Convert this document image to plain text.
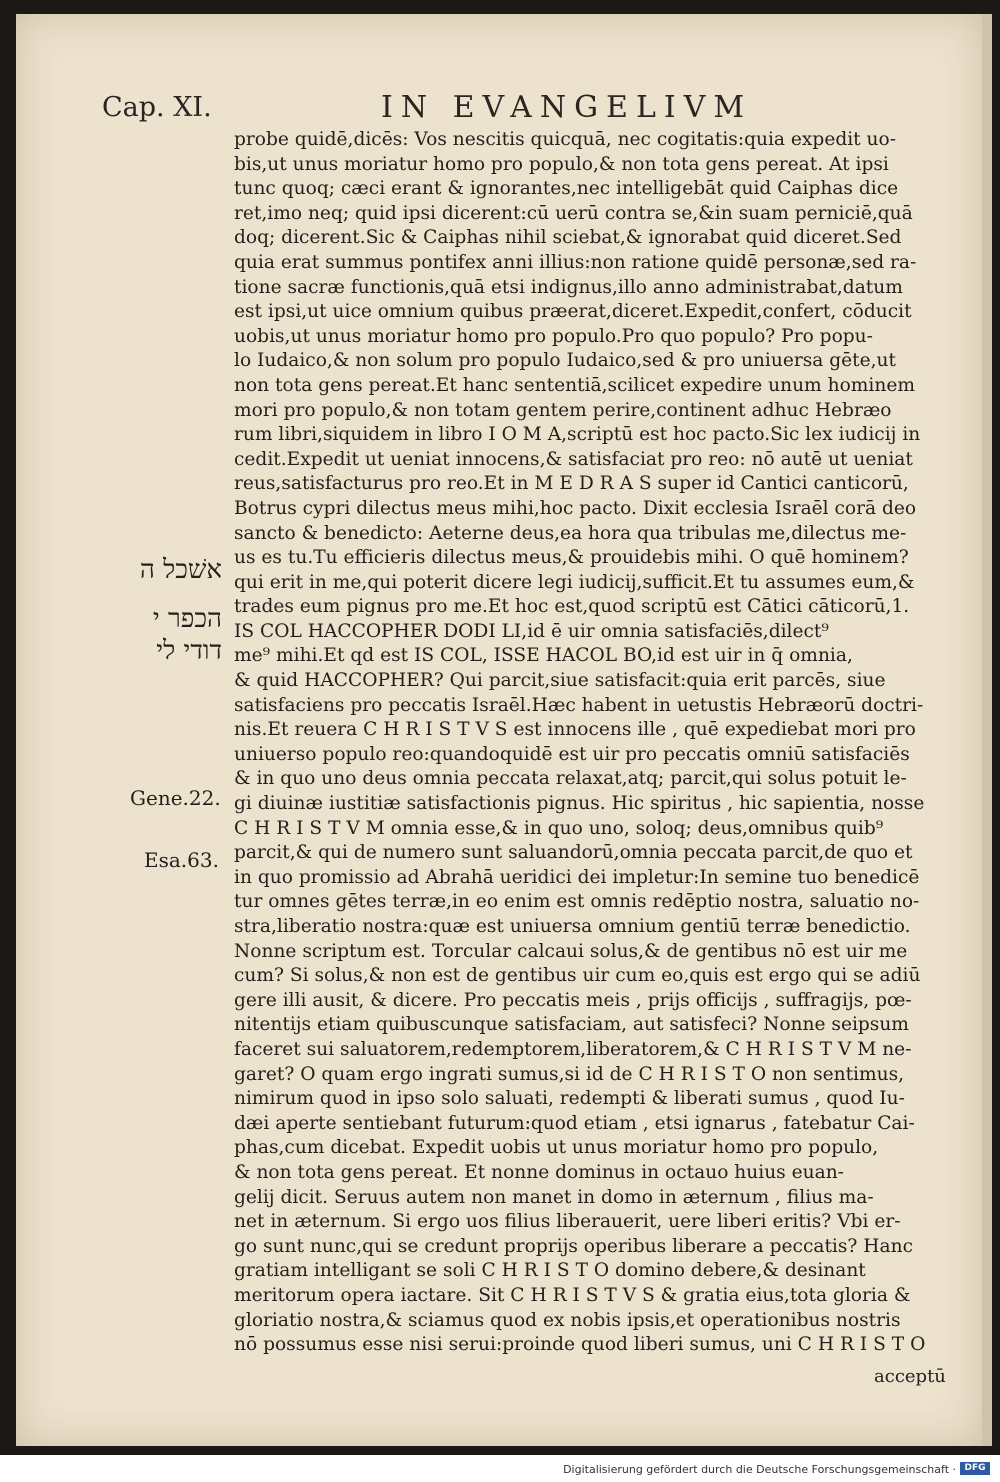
Cap. XI.	IN EVANGELIVM
probe quidē,dicēs: Vos nescitis quicquā, nec cogitatis:quia expedit uo-
bis,ut unus moriatur homo pro populo,& non tota gens pereat. At ipsi
tunc quoq; cæci erant & ignorantes,nec intelligebāt quid Caiphas dice
ret,imo neq; quid ipsi dicerent:cū uerū contra se,&in suam perniciē,quā
doq; dicerent.Sic & Caiphas nihil sciebat,& ignorabat quid diceret.Sed
quia erat summus pontifex anni illius:non ratione quidē personæ,sed ra-
tione sacræ functionis,quā etsi indignus,illo anno administrabat,datum
est ipsi,ut uice omnium quibus præerat,diceret.Expedit,confert, cōducit
uobis,ut unus moriatur homo pro populo.Pro quo populo? Pro popu-
lo Iudaico,& non solum pro populo Iudaico,sed & pro uniuersa gēte,ut
non tota gens pereat.Et hanc sententiā,scilicet expedire unum hominem
mori pro populo,& non totam gentem perire,continent adhuc Hebræo
rum libri,siquidem in libro I O M A,scriptū est hoc pacto.Sic lex iudicij in
cedit.Expedit ut ueniat innocens,& satisfaciat pro reo: nō autē ut ueniat
reus,satisfacturus pro reo.Et in M E D R A S super id Cantici canticorū,
Botrus cypri dilectus meus mihi,hoc pacto. Dixit ecclesia Israēl corā deo
sancto & benedicto: Aeterne deus,ea hora qua tribulas me,dilectus me-
us es tu.Tu efficieris dilectus meus,& prouidebis mihi. O quē hominem?
qui erit in me,qui poterit dicere legi iudicij,sufficit.Et tu assumes eum,&
trades eum pignus pro me.Et hoc est,quod scriptū est Cātici cāticorū,1.
IS COL HACCOPHER DODI LI,id ē uir omnia satisfaciēs,dilect⁹
me⁹ mihi.Et qd est IS COL, ISSE HACOL BO,id est uir in q̄ omnia,
& quid HACCOPHER? Qui parcit,siue satisfacit:quia erit parcēs, siue
satisfaciens pro peccatis Israēl.Hæc habent in uetustis Hebræorū doctri-
nis.Et reuera C H R I S T V S est innocens ille , quē expediebat mori pro
uniuerso populo reo:quandoquidē est uir pro peccatis omniū satisfaciēs
& in quo uno deus omnia peccata relaxat,atq; parcit,qui solus potuit le-
gi diuinæ iustitiæ satisfactionis pignus. Hic spiritus , hic sapientia, nosse
C H R I S T V M omnia esse,& in quo uno, soloq; deus,omnibus quib⁹
parcit,& qui de numero sunt saluandorū,omnia peccata parcit,de quo et
in quo promissio ad Abrahā ueridici dei impletur:In semine tuo benedicē
tur omnes gētes terræ,in eo enim est omnis redēptio nostra, saluatio no-
stra,liberatio nostra:quæ est uniuersa omnium gentiū terræ benedictio.
Nonne scriptum est. Torcular calcaui solus,& de gentibus nō est uir me
cum? Si solus,& non est de gentibus uir cum eo,quis est ergo qui se adiū
gere illi ausit, & dicere. Pro peccatis meis , prijs officijs , suffragijs, pœ-
nitentijs etiam quibuscunque satisfaciam, aut satisfeci? Nonne seipsum
faceret sui saluatorem,redemptorem,liberatorem,& C H R I S T V M ne-
garet? O quam ergo ingrati sumus,si id de C H R I S T O non sentimus,
nimirum quod in ipso solo saluati, redempti & liberati sumus , quod Iu-
dæi aperte sentiebant futurum:quod etiam , etsi ignarus , fatebatur Cai-
phas,cum dicebat. Expedit uobis ut unus moriatur homo pro populo,
& non tota gens pereat. Et nonne dominus in octauo huius euan-
gelij dicit. Seruus autem non manet in domo in æternum , filius ma-
net in æternum. Si ergo uos filius liberauerit, uere liberi eritis? Vbi er-
go sunt nunc,qui se credunt proprijs operibus liberare a peccatis? Hanc
gratiam intelligant se soli C H R I S T O domino debere,& desinant
meritorum opera iactare. Sit C H R I S T V S & gratia eius,tota gloria &
gloriatio nostra,& sciamus quod ex nobis ipsis,et operationibus nostris
nō possumus esse nisi serui:proinde quod liberi sumus, uni C H R I S T O
אשׁכל ה
הכפר י
דודי לי
Gene.22.
Esa.63.
acceptū
Digitalisierung gefördert durch die Deutsche Forschungsgemeinschaft · DFG
